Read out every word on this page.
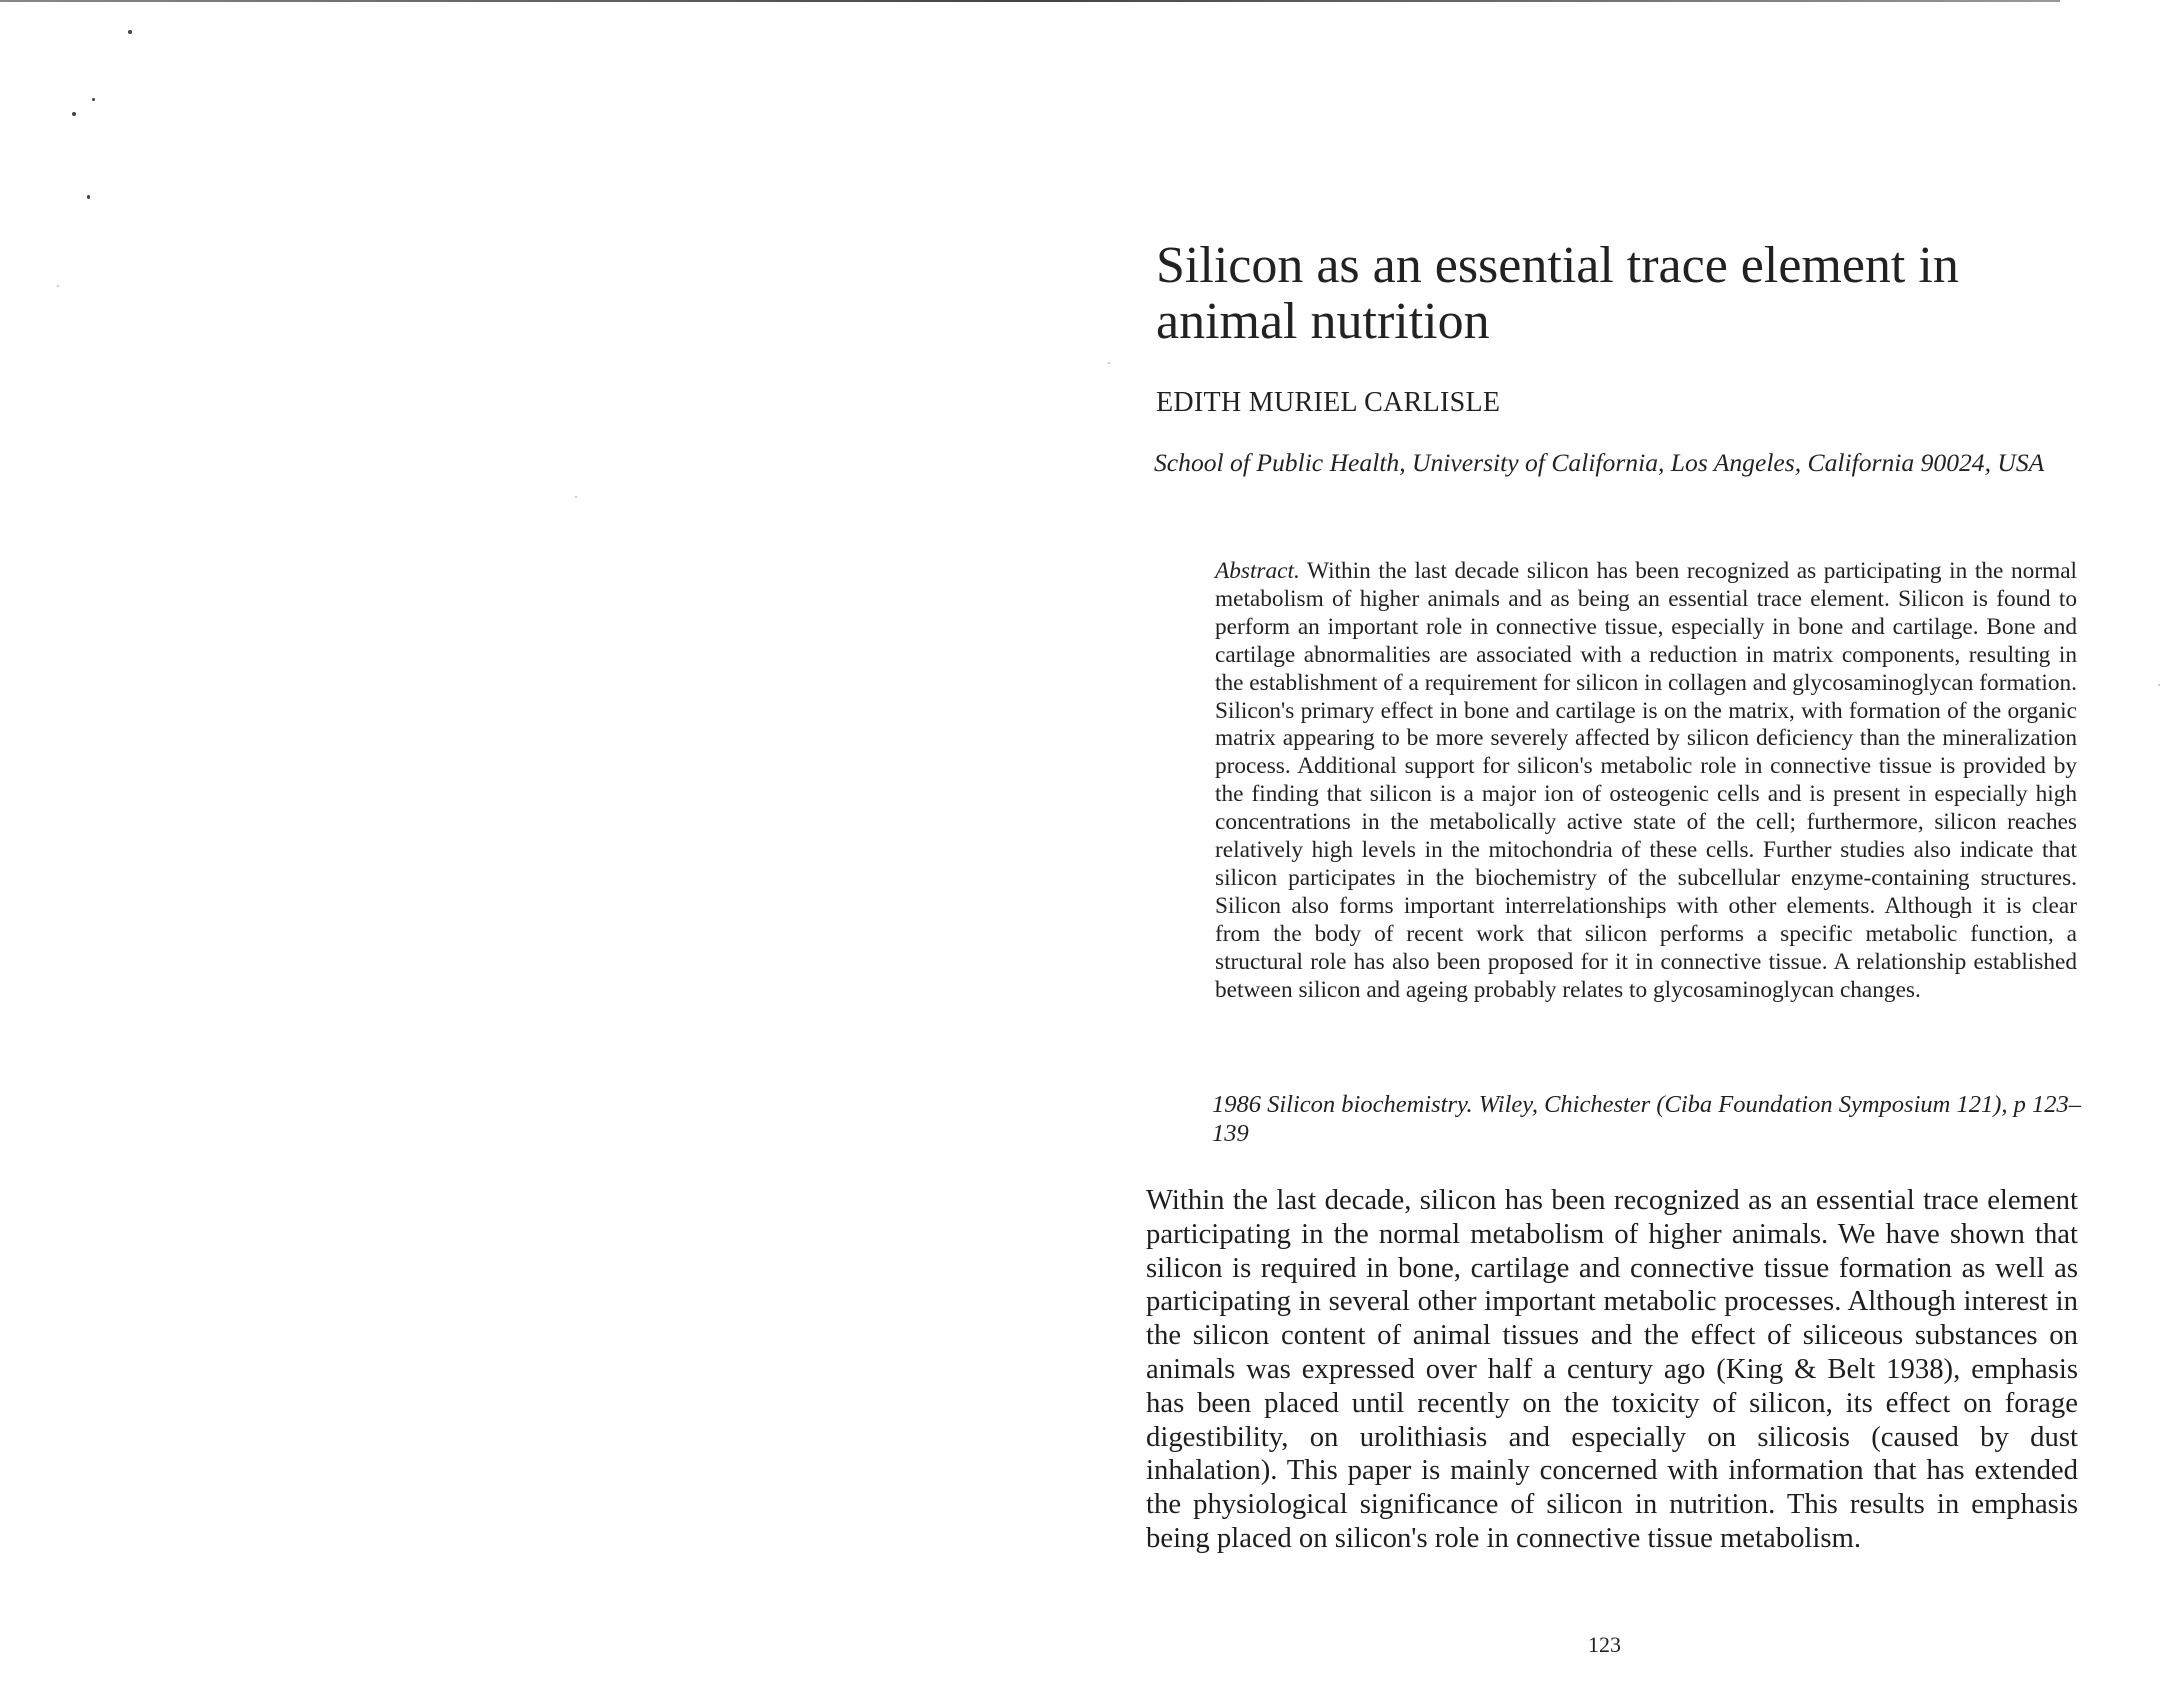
Silicon as an essential trace element in animal nutrition
EDITH MURIEL CARLISLE
School of Public Health, University of California, Los Angeles, California 90024, USA
Abstract. Within the last decade silicon has been recognized as participating in the normal metabolism of higher animals and as being an essential trace element. Silicon is found to perform an important role in connective tissue, especially in bone and cartilage. Bone and cartilage abnormalities are associated with a reduction in matrix components, resulting in the establishment of a requirement for silicon in collagen and glycosaminoglycan formation. Silicon's primary effect in bone and cartilage is on the matrix, with formation of the organic matrix appearing to be more severely affected by silicon deficiency than the mineralization process. Additional support for silicon's metabolic role in connective tissue is provided by the finding that silicon is a major ion of osteogenic cells and is present in especially high concentrations in the metabolically active state of the cell; furthermore, silicon reaches relatively high levels in the mitochondria of these cells. Further studies also indicate that silicon participates in the biochemistry of the subcellular enzyme-containing structures. Silicon also forms important interrelationships with other elements. Although it is clear from the body of recent work that silicon performs a specific metabolic function, a structural role has also been proposed for it in connective tissue. A relationship established between silicon and ageing probably relates to glycosaminoglycan changes.
1986 Silicon biochemistry. Wiley, Chichester (Ciba Foundation Symposium 121), p 123–139
Within the last decade, silicon has been recognized as an essential trace element participating in the normal metabolism of higher animals. We have shown that silicon is required in bone, cartilage and connective tissue formation as well as participating in several other important metabolic processes. Although interest in the silicon content of animal tissues and the effect of siliceous substances on animals was expressed over half a century ago (King & Belt 1938), emphasis has been placed until recently on the toxicity of silicon, its effect on forage digestibility, on urolithiasis and especially on silicosis (caused by dust inhalation). This paper is mainly concerned with information that has extended the physiological significance of silicon in nutrition. This results in emphasis being placed on silicon's role in connective tissue metabolism.
123
